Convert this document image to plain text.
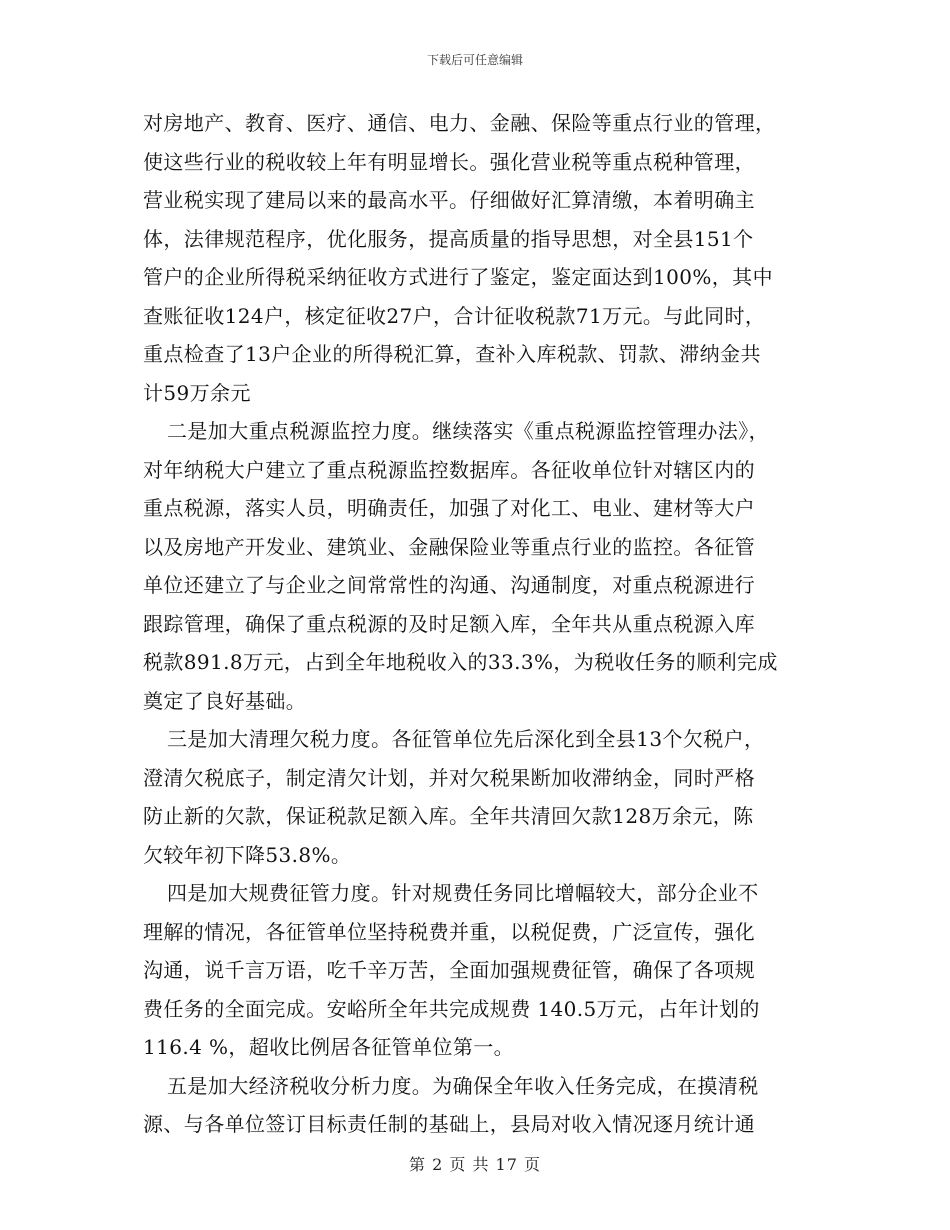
下载后可任意编辑
对房地产、教育、医疗、通信、电力、金融、保险等重点行业的管理，
使这些行业的税收较上年有明显增长。强化营业税等重点税种管理，
营业税实现了建局以来的最高水平。仔细做好汇算清缴，本着明确主
体，法律规范程序，优化服务，提高质量的指导思想，对全县151个
管户的企业所得税采纳征收方式进行了鉴定，鉴定面达到100%，其中
查账征收124户，核定征收27户，合计征收税款71万元。与此同时，
重点检查了13户企业的所得税汇算，查补入库税款、罚款、滞纳金共
计59万余元
二是加大重点税源监控力度。继续落实《重点税源监控管理办法》，
对年纳税大户建立了重点税源监控数据库。各征收单位针对辖区内的
重点税源，落实人员，明确责任，加强了对化工、电业、建材等大户
以及房地产开发业、建筑业、金融保险业等重点行业的监控。各征管
单位还建立了与企业之间常常性的沟通、沟通制度，对重点税源进行
跟踪管理，确保了重点税源的及时足额入库，全年共从重点税源入库
税款891.8万元，占到全年地税收入的33.3%，为税收任务的顺利完成
奠定了良好基础。
三是加大清理欠税力度。各征管单位先后深化到全县13个欠税户，
澄清欠税底子，制定清欠计划，并对欠税果断加收滞纳金，同时严格
防止新的欠款，保证税款足额入库。全年共清回欠款128万余元，陈
欠较年初下降53.8%。
四是加大规费征管力度。针对规费任务同比增幅较大，部分企业不
理解的情况，各征管单位坚持税费并重，以税促费，广泛宣传，强化
沟通，说千言万语，吃千辛万苦，全面加强规费征管，确保了各项规
费任务的全面完成。安峪所全年共完成规费 140.5万元，占年计划的
116.4 %，超收比例居各征管单位第一。
五是加大经济税收分析力度。为确保全年收入任务完成，在摸清税
源、与各单位签订目标责任制的基础上，县局对收入情况逐月统计通
第 2 页 共 17 页
